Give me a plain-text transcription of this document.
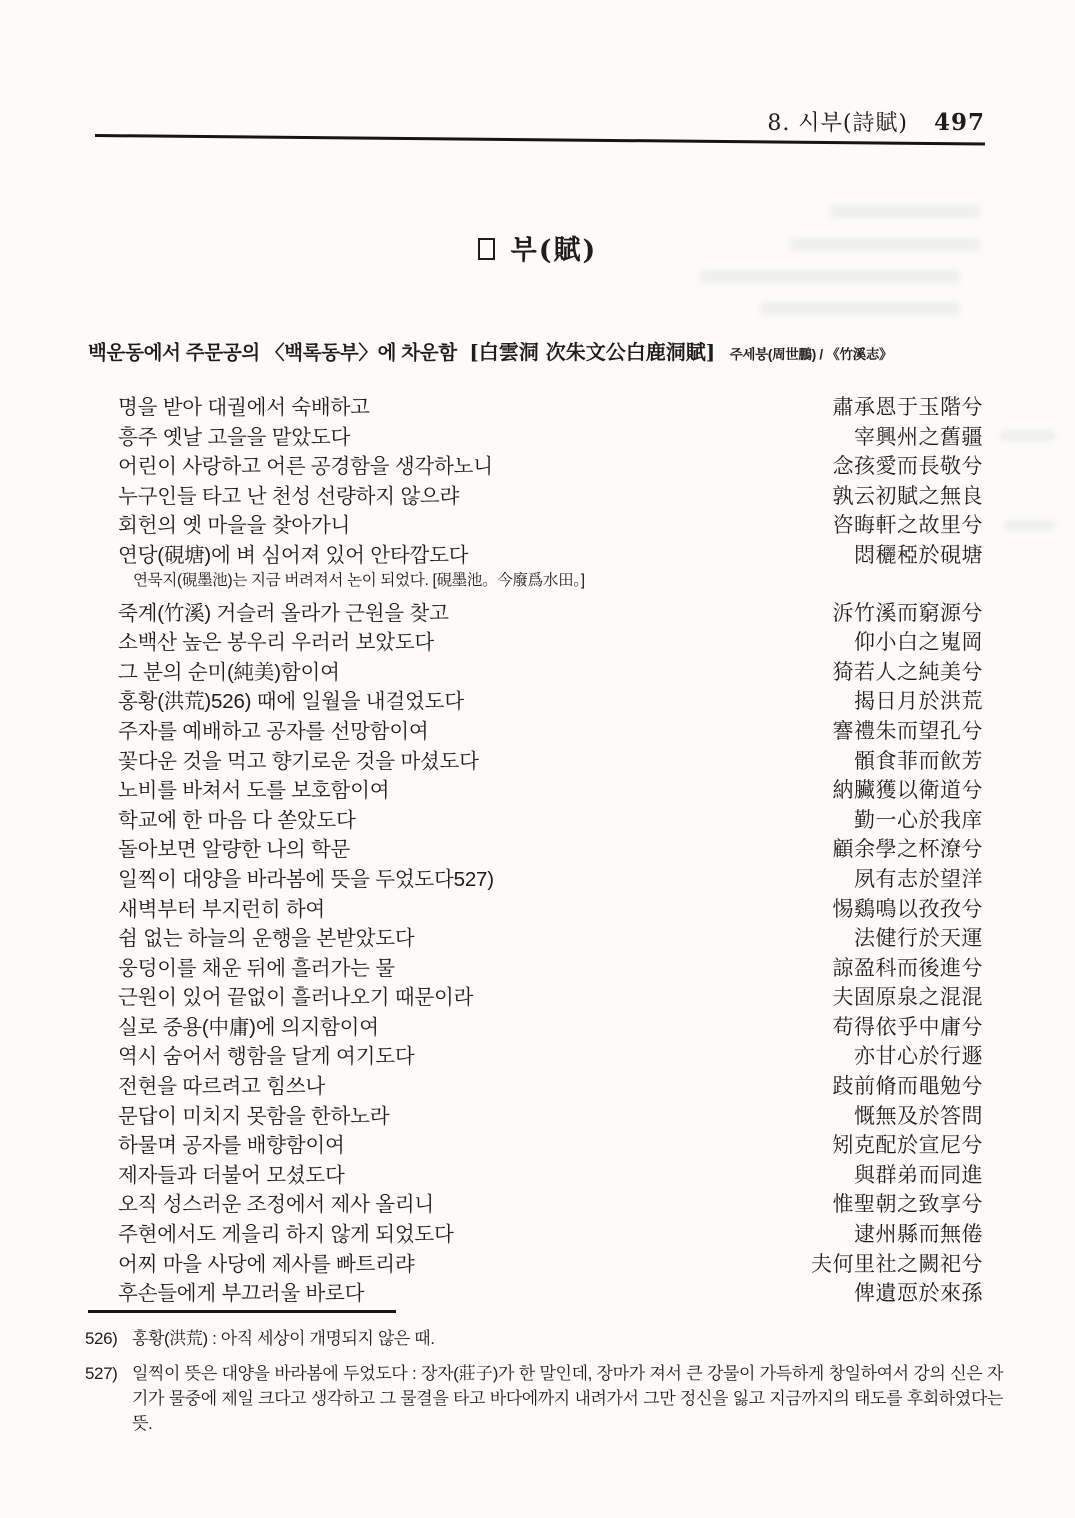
8. 시부(詩賦) 497
부(賦)
백운동에서 주문공의 〈백록동부〉에 차운함 [白雲洞 次朱文公白鹿洞賦] 주세붕(周世鵬) / 《竹溪志》
명을 받아 대궐에서 숙배하고	肅承恩于玉階兮
흥주 옛날 고을을 맡았도다	宰興州之舊疆
어린이 사랑하고 어른 공경함을 생각하노니	念孩愛而長敬兮
누구인들 타고 난 천성 선량하지 않으랴	孰云初賦之無良
회헌의 옛 마을을 찾아가니	咨晦軒之故里兮
연당(硯塘)에 벼 심어져 있어 안타깝도다	悶穲稏於硯塘
연묵지(硯墨池)는 지금 버려져서 논이 되었다. [硯墨池。今廢爲水田。]
죽계(竹溪) 거슬러 올라가 근원을 찾고	泝竹溪而窮源兮
소백산 높은 봉우리 우러러 보았도다	仰小白之嵬岡
그 분의 순미(純美)함이여	猗若人之純美兮
홍황(洪荒)526) 때에 일월을 내걸었도다	揭日月於洪荒
주자를 예배하고 공자를 선망함이여	謇禮朱而望孔兮
꽃다운 것을 먹고 향기로운 것을 마셨도다	顝食菲而飮芳
노비를 바쳐서 도를 보호함이여	納臟獲以衛道兮
학교에 한 마음 다 쏟았도다	勤一心於我庠
돌아보면 알량한 나의 학문	顧余學之杯潦兮
일찍이 대양을 바라봄에 뜻을 두었도다527)	夙有志於望洋
새벽부터 부지런히 하여	惕鷄鳴以孜孜兮
쉼 없는 하늘의 운행을 본받았도다	法健行於天運
웅덩이를 채운 뒤에 흘러가는 물	諒盈科而後進兮
근원이 있어 끝없이 흘러나오기 때문이라	夫固原泉之混混
실로 중용(中庸)에 의지함이여	苟得依乎中庸兮
역시 숨어서 행함을 달게 여기도다	亦甘心於行遯
전현을 따르려고 힘쓰나	跂前脩而黽勉兮
문답이 미치지 못함을 한하노라	慨無及於答問
하물며 공자를 배향함이여	矧克配於宣尼兮
제자들과 더불어 모셨도다	與群弟而同進
오직 성스러운 조정에서 제사 올리니	惟聖朝之致享兮
주현에서도 게을리 하지 않게 되었도다	逮州縣而無倦
어찌 마을 사당에 제사를 빠트리랴	夫何里社之闕祀兮
후손들에게 부끄러울 바로다	俾遺恧於來孫
526) 홍황(洪荒) : 아직 세상이 개명되지 않은 때.
527) 일찍이 뜻은 대양을 바라봄에 두었도다 : 장자(莊子)가 한 말인데, 장마가 져서 큰 강물이 가득하게 창일하여서 강의 신은 자기가 물중에 제일 크다고 생각하고 그 물결을 타고 바다에까지 내려가서 그만 정신을 잃고 지금까지의 태도를 후회하였다는 뜻.
